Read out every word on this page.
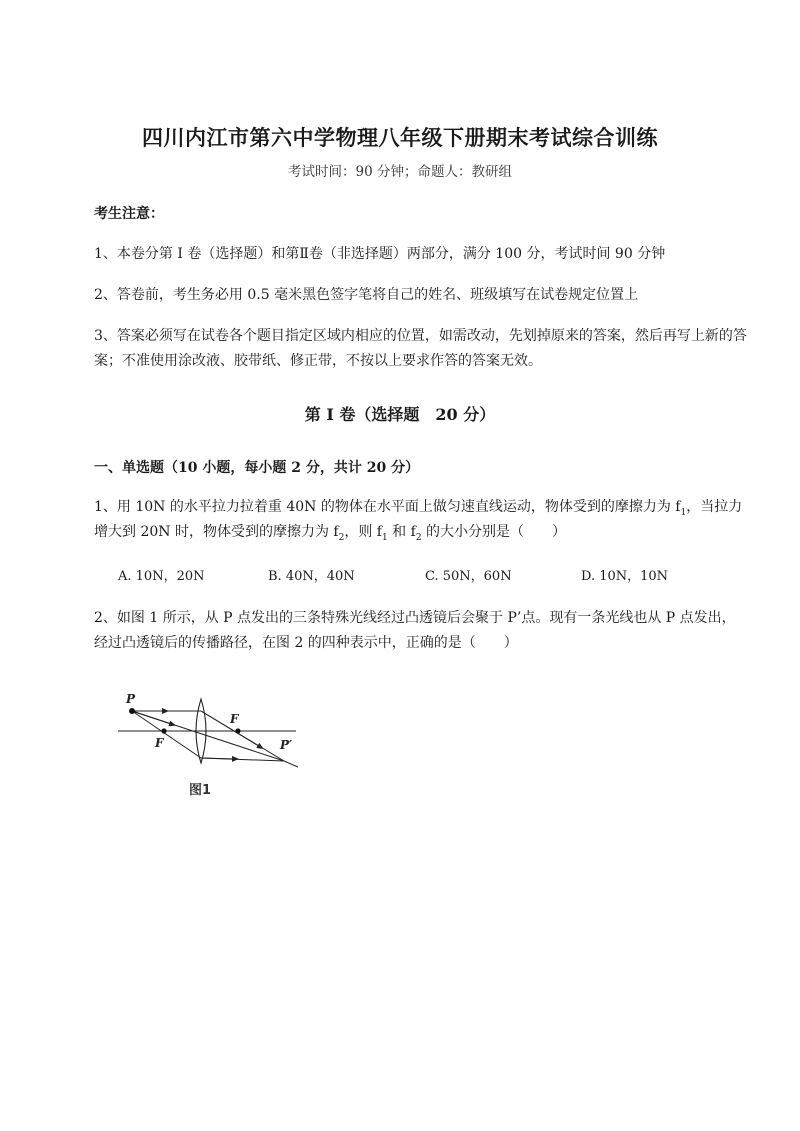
四川内江市第六中学物理八年级下册期末考试综合训练
考试时间：90 分钟；命题人：教研组
考生注意：
1、本卷分第 I 卷（选择题）和第Ⅱ卷（非选择题）两部分，满分 100 分，考试时间 90 分钟
2、答卷前，考生务必用 0.5 毫米黑色签字笔将自己的姓名、班级填写在试卷规定位置上
3、答案必须写在试卷各个题目指定区域内相应的位置，如需改动，先划掉原来的答案，然后再写上新的答案；不准使用涂改液、胶带纸、修正带，不按以上要求作答的答案无效。
第 I 卷（选择题　20 分）
一、单选题（10 小题，每小题 2 分，共计 20 分）
1、用 10N 的水平拉力拉着重 40N 的物体在水平面上做匀速直线运动，物体受到的摩擦力为 $f_1$，当拉力
增大到 20N 时，物体受到的摩擦力为 $f_2$，则 $f_1$ 和 $f_2$ 的大小分别是（　　）
A. 10N，20N	B. 40N，40N	C. 50N，60N	D. 10N，10N
2、如图 1 所示，从 P 点发出的三条特殊光线经过凸透镜后会聚于 P’点。现有一条光线也从 P 点发出，
经过凸透镜后的传播路径，在图 2 的四种表示中，正确的是（　　）
P
F
F
P′
图1
